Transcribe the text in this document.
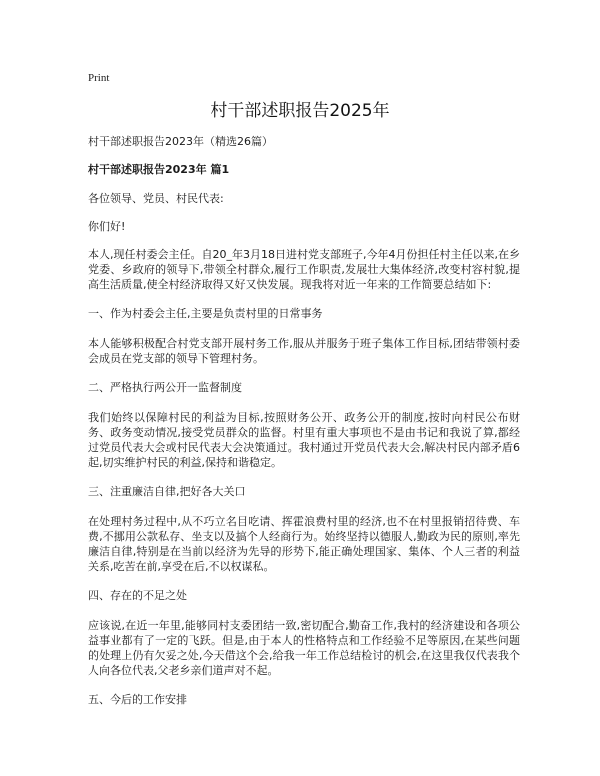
Print
村干部述职报告2025年

村干部述职报告2023年（精选26篇）

村干部述职报告2023年 篇1

各位领导、党员、村民代表:

你们好!

本人,现任村委会主任。自20_年3月18日进村党支部班子,今年4月份担任村主任以来,在乡党委、乡政府的领导下,带领全村群众,履行工作职责,发展壮大集体经济,改变村容村貌,提高生活质量,使全村经济取得又好又快发展。现我将对近一年来的工作简要总结如下:

一、作为村委会主任,主要是负责村里的日常事务

本人能够积极配合村党支部开展村务工作,服从并服务于班子集体工作目标,团结带领村委会成员在党支部的领导下管理村务。

二、严格执行两公开一监督制度

我们始终以保障村民的利益为目标,按照财务公开、政务公开的制度,按时向村民公布财务、政务变动情况,接受党员群众的监督。村里有重大事项也不是由书记和我说了算,都经过党员代表大会或村民代表大会决策通过。我村通过开党员代表大会,解决村民内部矛盾6起,切实维护村民的利益,保持和谐稳定。

三、注重廉洁自律,把好各大关口

在处理村务过程中,从不巧立名目吃请、挥霍浪费村里的经济,也不在村里报销招待费、车费,不挪用公款私存、坐支以及搞个人经商行为。始终坚持以德服人,勤政为民的原则,率先廉洁自律,特别是在当前以经济为先导的形势下,能正确处理国家、集体、个人三者的利益关系,吃苦在前,享受在后,不以权谋私。

四、存在的不足之处

应该说,在近一年里,能够同村支委团结一致,密切配合,勤奋工作,我村的经济建设和各项公益事业都有了一定的飞跃。但是,由于本人的性格特点和工作经验不足等原因,在某些问题的处理上仍有欠妥之处,今天借这个会,给我一年工作总结检讨的机会,在这里我仅代表我个人向各位代表,父老乡亲们道声对不起。

五、今后的工作安排
